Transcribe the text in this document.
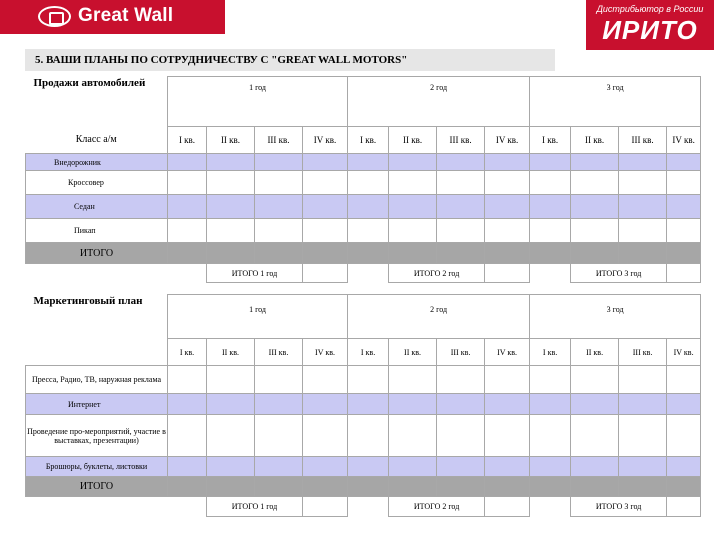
Great Wall	Дистрибьютор в России
ИРИТО
5. ВАШИ ПЛАНЫ ПО СОТРУДНИЧЕСТВУ С "GREAT WALL MOTORS"
Продажи автомобилей	1 год				2 год				3 год			
Класс а/м	I кв.	II кв.	III кв.	IV кв.	I кв.	II кв.	III кв.	IV кв.	I кв.	II кв.	III кв.	IV кв.
Внедорожник												
Кроссовер												
Седан												
Пикап												
ИТОГО												
		ИТОГО 1 год				ИТОГО 2 год				ИТОГО 3 год		
Маркетинговый план	1 год				2 год				3 год			
	I кв.	II кв.	III кв.	IV кв.	I кв.	II кв.	III кв.	IV кв.	I кв.	II кв.	III кв.	IV кв.
Пресса, Радио, ТВ, наружная реклама												
Интернет												
Проведение про-мероприятий, участие в выставках, презентации)												
Брошюры, буклеты, листовки												
ИТОГО												
		ИТОГО 1 год				ИТОГО 2 год				ИТОГО 3 год		
